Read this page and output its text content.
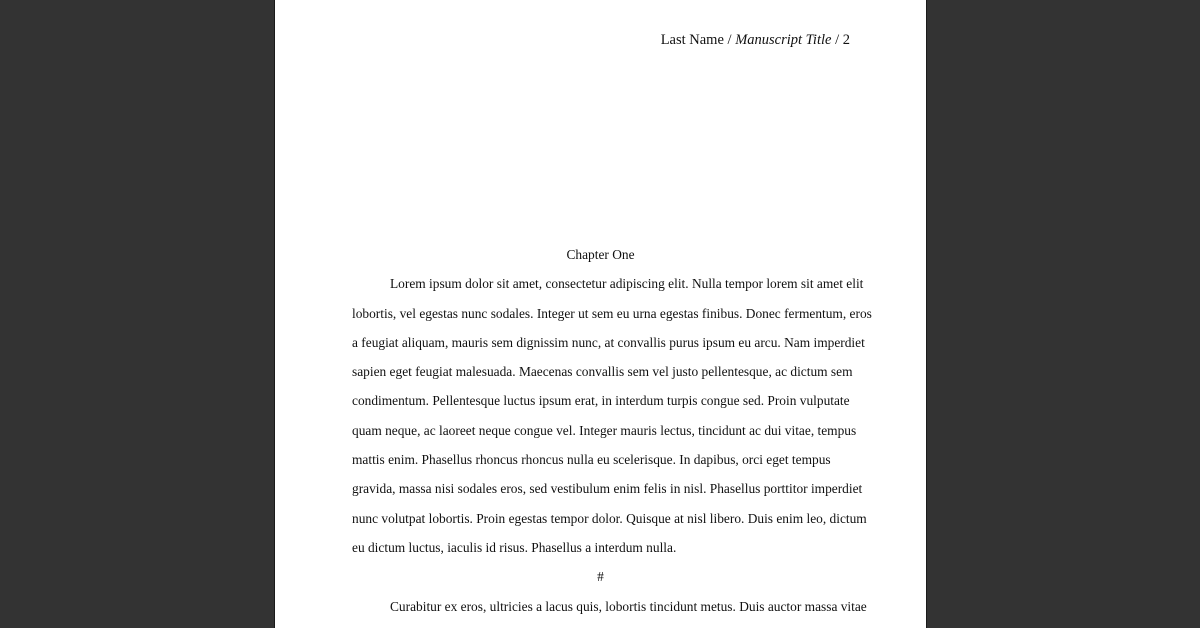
Last Name / Manuscript Title / 2

Chapter One

Lorem ipsum dolor sit amet, consectetur adipiscing elit. Nulla tempor lorem sit amet elit
lobortis, vel egestas nunc sodales. Integer ut sem eu urna egestas finibus. Donec fermentum, eros
a feugiat aliquam, mauris sem dignissim nunc, at convallis purus ipsum eu arcu. Nam imperdiet
sapien eget feugiat malesuada. Maecenas convallis sem vel justo pellentesque, ac dictum sem
condimentum. Pellentesque luctus ipsum erat, in interdum turpis congue sed. Proin vulputate
quam neque, ac laoreet neque congue vel. Integer mauris lectus, tincidunt ac dui vitae, tempus
mattis enim. Phasellus rhoncus rhoncus nulla eu scelerisque. In dapibus, orci eget tempus
gravida, massa nisi sodales eros, sed vestibulum enim felis in nisl. Phasellus porttitor imperdiet
nunc volutpat lobortis. Proin egestas tempor dolor. Quisque at nisl libero. Duis enim leo, dictum
eu dictum luctus, iaculis id risus. Phasellus a interdum nulla.

#

Curabitur ex eros, ultricies a lacus quis, lobortis tincidunt metus. Duis auctor massa vitae
